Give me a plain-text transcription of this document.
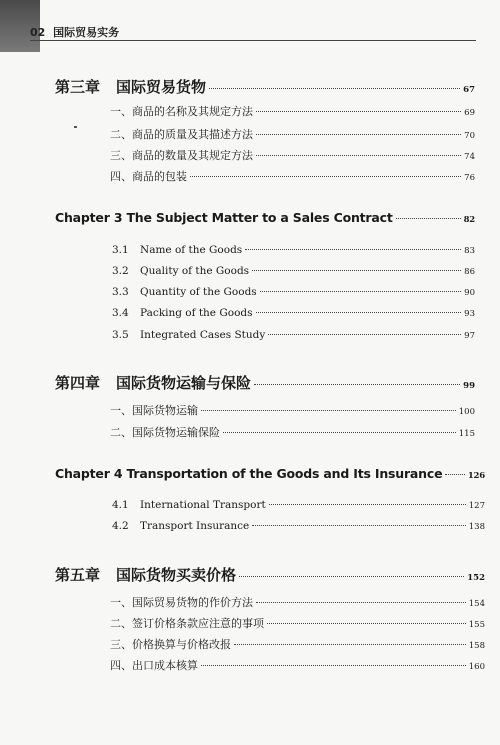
02 国际贸易实务
第三章 国际贸易货物	67
一、商品的名称及其规定方法	69
二、商品的质量及其描述方法	70
三、商品的数量及其规定方法	74
四、商品的包装	76
Chapter 3 The Subject Matter to a Sales Contract	82
3.1	Name of the Goods	83
3.2	Quality of the Goods	86
3.3	Quantity of the Goods	90
3.4	Packing of the Goods	93
3.5	Integrated Cases Study	97
第四章 国际货物运输与保险	99
一、国际货物运输	100
二、国际货物运输保险	115
Chapter 4 Transportation of the Goods and Its Insurance	126
4.1	International Transport	127
4.2	Transport Insurance	138
第五章 国际货物买卖价格	152
一、国际贸易货物的作价方法	154
二、签订价格条款应注意的事项	155
三、价格换算与价格改报	158
四、出口成本核算	160
